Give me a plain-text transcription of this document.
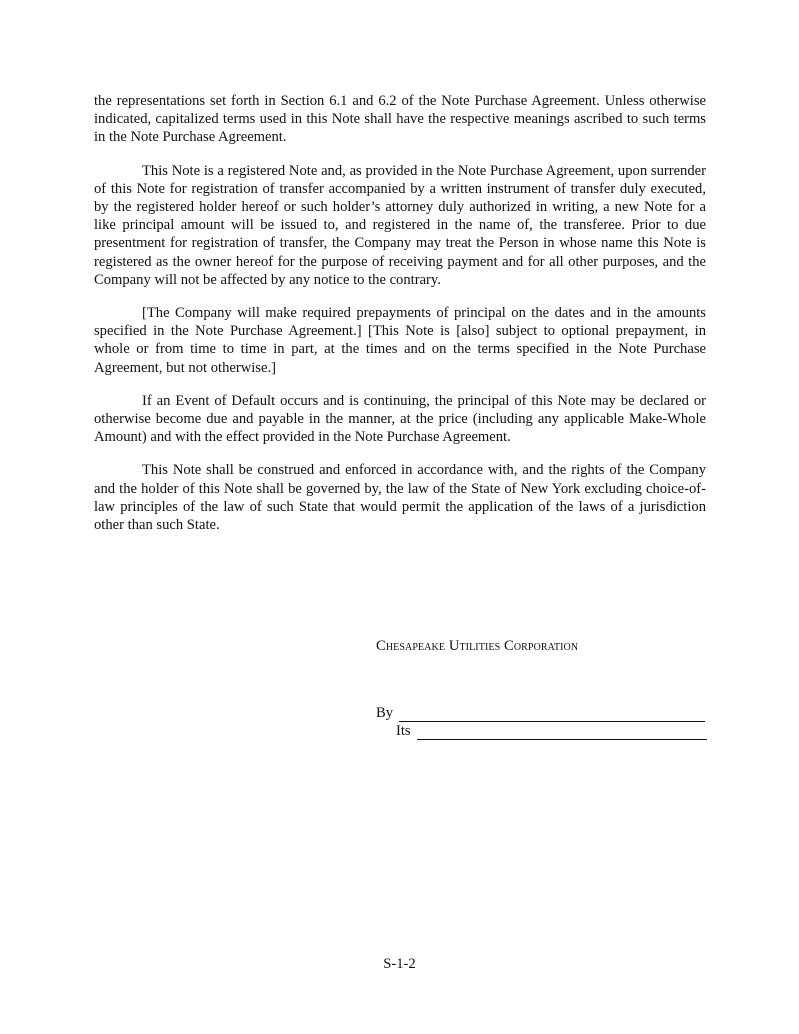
the representations set forth in Section 6.1 and 6.2 of the Note Purchase Agreement. Unless otherwise indicated, capitalized terms used in this Note shall have the respective meanings ascribed to such terms in the Note Purchase Agreement.

This Note is a registered Note and, as provided in the Note Purchase Agreement, upon surrender of this Note for registration of transfer accompanied by a written instrument of transfer duly executed, by the registered holder hereof or such holder’s attorney duly authorized in writing, a new Note for a like principal amount will be issued to, and registered in the name of, the transferee. Prior to due presentment for registration of transfer, the Company may treat the Person in whose name this Note is registered as the owner hereof for the purpose of receiving payment and for all other purposes, and the Company will not be affected by any notice to the contrary.

[The Company will make required prepayments of principal on the dates and in the amounts specified in the Note Purchase Agreement.] [This Note is [also] subject to optional prepayment, in whole or from time to time in part, at the times and on the terms specified in the Note Purchase Agreement, but not otherwise.]

If an Event of Default occurs and is continuing, the principal of this Note may be declared or otherwise become due and payable in the manner, at the price (including any applicable Make-Whole Amount) and with the effect provided in the Note Purchase Agreement.

This Note shall be construed and enforced in accordance with, and the rights of the Company and the holder of this Note shall be governed by, the law of the State of New York excluding choice-of-law principles of the law of such State that would permit the application of the laws of a jurisdiction other than such State.

Chesapeake Utilities Corporation
By
Its
S-1-2
